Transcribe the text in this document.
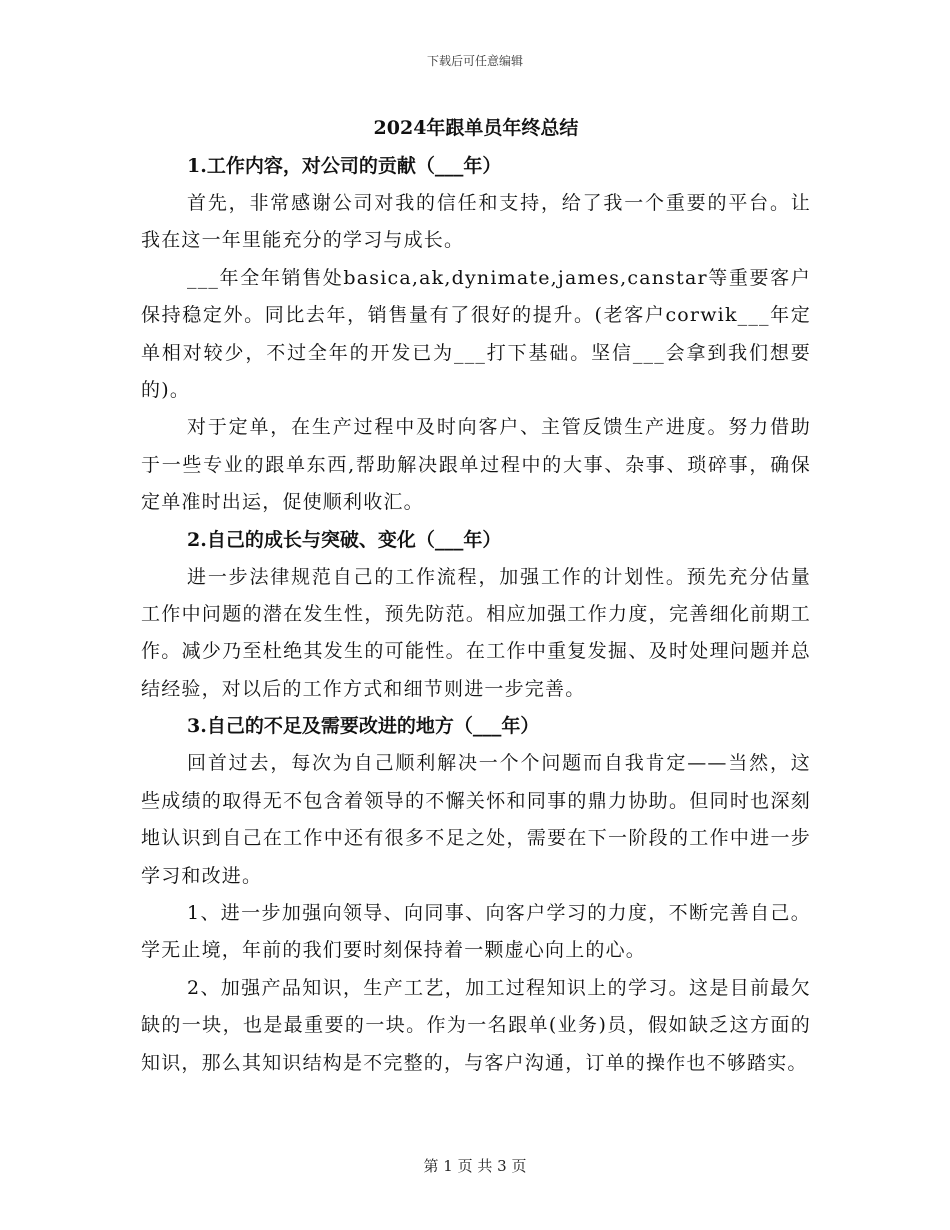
下载后可任意编辑
2024年跟单员年终总结
1.工作内容，对公司的贡献（___年）

首先，非常感谢公司对我的信任和支持，给了我一个重要的平台。让我在这一年里能充分的学习与成长。

___年全年销售处basica,ak,dynimate,james,canstar等重要客户保持稳定外。同比去年，销售量有了很好的提升。(老客户corwik___年定单相对较少，不过全年的开发已为___打下基础。坚信___会拿到我们想要的)。

对于定单，在生产过程中及时向客户、主管反馈生产进度。努力借助于一些专业的跟单东西,帮助解决跟单过程中的大事、杂事、琐碎事，确保定单准时出运，促使顺利收汇。

2.自己的成长与突破、变化（___年）

进一步法律规范自己的工作流程，加强工作的计划性。预先充分估量工作中问题的潜在发生性，预先防范。相应加强工作力度，完善细化前期工作。减少乃至杜绝其发生的可能性。在工作中重复发掘、及时处理问题并总结经验，对以后的工作方式和细节则进一步完善。

3.自己的不足及需要改进的地方（___年）

回首过去，每次为自己顺利解决一个个问题而自我肯定——当然，这些成绩的取得无不包含着领导的不懈关怀和同事的鼎力协助。但同时也深刻地认识到自己在工作中还有很多不足之处，需要在下一阶段的工作中进一步学习和改进。

1、进一步加强向领导、向同事、向客户学习的力度，不断完善自己。学无止境，年前的我们要时刻保持着一颗虚心向上的心。

2、加强产品知识，生产工艺，加工过程知识上的学习。这是目前最欠缺的一块，也是最重要的一块。作为一名跟单(业务)员，假如缺乏这方面的知识，那么其知识结构是不完整的，与客户沟通，订单的操作也不够踏实。

第 1 页 共 3 页
